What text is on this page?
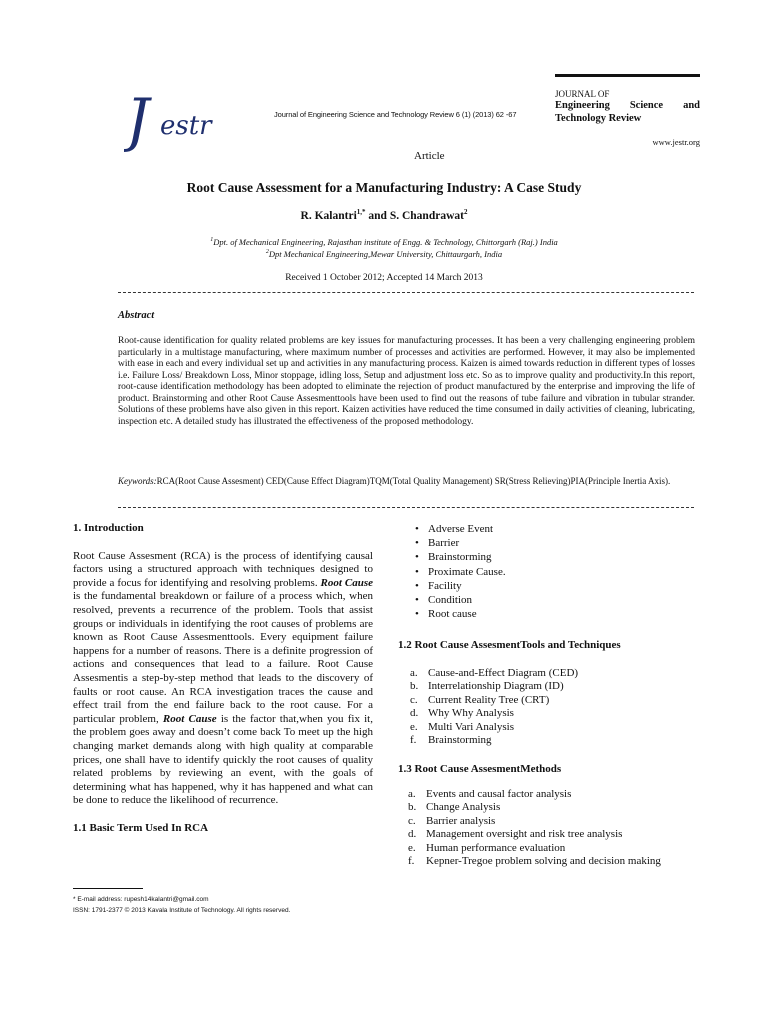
J estr	Journal of Engineering Science and Technology Review 6 (1) (2013) 62 -67
JOURNAL OF
Engineering Science and
Technology Review
www.jestr.org
Article
Root Cause Assessment for a Manufacturing Industry: A Case Study
R. Kalantri$^{1,*}$ and S. Chandrawat$^2$
$^1$Dpt. of Mechanical Engineering, Rajasthan institute of Engg. & Technology, Chittorgarh (Raj.) India
$^2$Dpt Mechanical Engineering,Mewar University, Chittaurgarh, India
Received 1 October 2012; Accepted 14 March 2013
Abstract
Root-cause identification for quality related problems are key issues for manufacturing processes. It has been a very challenging engineering problem particularly in a multistage manufacturing, where maximum number of processes and activities are performed. However, it may also be implemented with ease in each and every individual set up and activities in any manufacturing process. Kaizen is aimed towards reduction in different types of losses i.e. Failure Loss/ Breakdown Loss, Minor stoppage, idling loss, Setup and adjustment loss etc. So as to improve quality and productivity.In this report, root-cause identification methodology has been adopted to eliminate the rejection of product manufactured by the enterprise and improving the life of product. Brainstorming and other Root Cause Assesmenttools have been used to find out the reasons of tube failure and vibration in tubular strander. Solutions of these problems have also given in this report. Kaizen activities have reduced the time consumed in daily activities of cleaning, lubricating, inspection etc. A detailed study has illustrated the effectiveness of the proposed methodology.
Keywords:RCA(Root Cause Assesment) CED(Cause Effect Diagram)TQM(Total Quality Management) SR(Stress Relieving)PIA(Principle Inertia Axis).
1. Introduction
Root Cause Assesment (RCA) is the process of identifying causal factors using a structured approach with techniques designed to provide a focus for identifying and resolving problems. Root Cause is the fundamental breakdown or failure of a process which, when resolved, prevents a recurrence of the problem. Tools that assist groups or individuals in identifying the root causes of problems are known as Root Cause Assesmenttools. Every equipment failure happens for a number of reasons. There is a definite progression of actions and consequences that lead to a failure. Root Cause Assesmentis a step-by-step method that leads to the discovery of faults or root cause. An RCA investigation traces the cause and effect trail from the end failure back to the root cause. For a particular problem, Root Cause is the factor that,when you fix it, the problem goes away and doesn’t come back To meet up the high changing market demands along with high quality at comparable prices, one shall have to identify quickly the root causes of quality related problems by reviewing an event, with the goals of determining what has happened, why it has happened and what can be done to reduce the likelihood of recurrence.
1.1 Basic Term Used In RCA
• Adverse Event
• Barrier
• Brainstorming
• Proximate Cause.
• Facility
• Condition
• Root cause
1.2 Root Cause AssesmentTools and Techniques
a. Cause-and-Effect Diagram (CED)
b. Interrelationship Diagram (ID)
c. Current Reality Tree (CRT)
d. Why Why Analysis
e. Multi Vari Analysis
f. Brainstorming
1.3 Root Cause AssesmentMethods
a. Events and causal factor analysis
b. Change Analysis
c. Barrier analysis
d. Management oversight and risk tree analysis
e. Human performance evaluation
f. Kepner-Tregoe problem solving and decision making
* E-mail address: rupesh14kalantri@gmail.com
ISSN: 1791-2377 © 2013 Kavala Institute of Technology. All rights reserved.
